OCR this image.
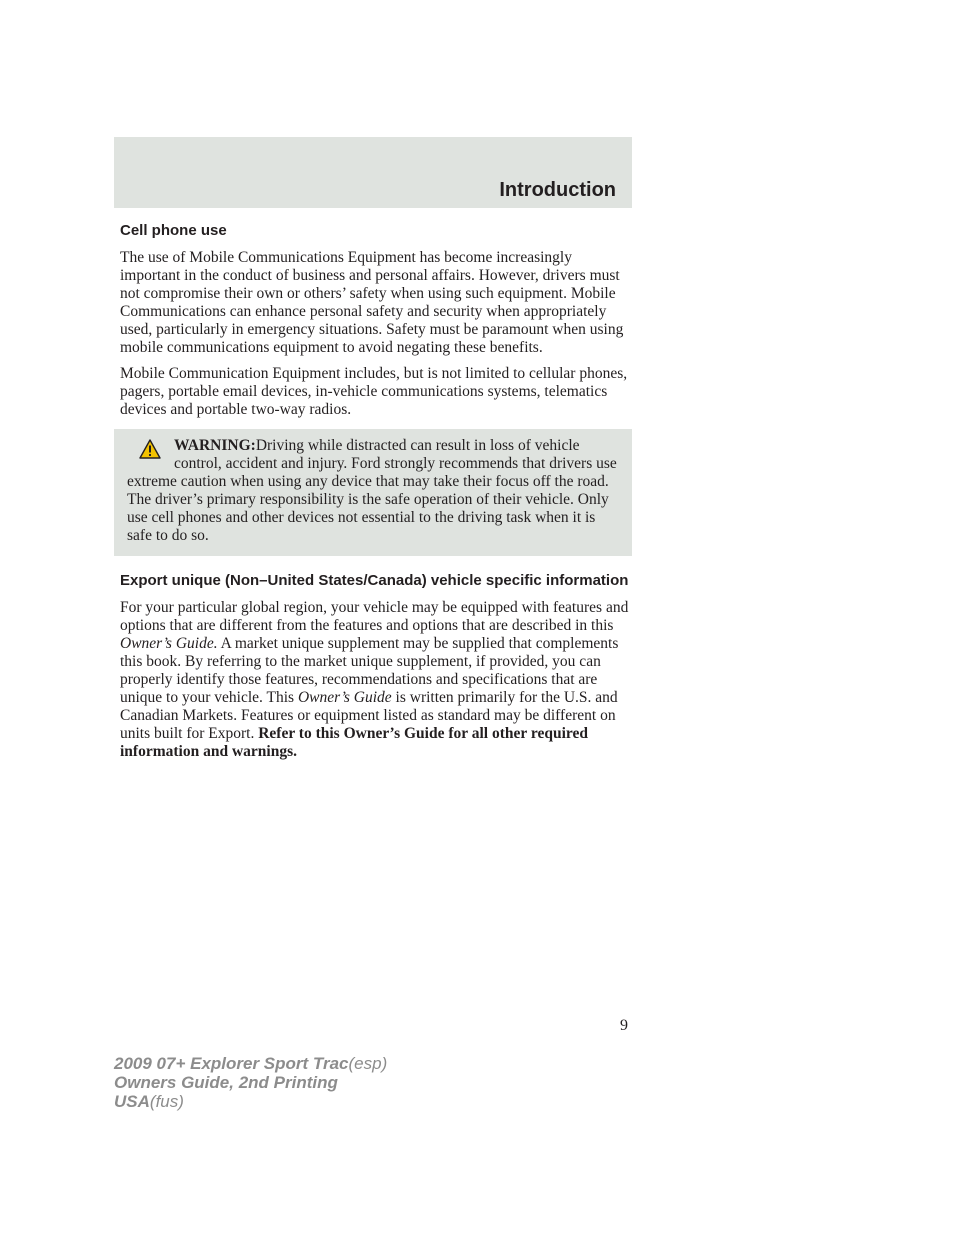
Introduction
Cell phone use

The use of Mobile Communications Equipment has become increasingly important in the conduct of business and personal affairs. However, drivers must not compromise their own or others’ safety when using such equipment. Mobile Communications can enhance personal safety and security when appropriately used, particularly in emergency situations. Safety must be paramount when using mobile communications equipment to avoid negating these benefits.

Mobile Communication Equipment includes, but is not limited to cellular phones, pagers, portable email devices, in-vehicle communications systems, telematics devices and portable two-way radios.

WARNING:Driving while distracted can result in loss of vehicle control, accident and injury. Ford strongly recommends that drivers use extreme caution when using any device that may take their focus off the road. The driver’s primary responsibility is the safe operation of their vehicle. Only use cell phones and other devices not essential to the driving task when it is safe to do so.

Export unique (Non–United States/Canada) vehicle specific information

For your particular global region, your vehicle may be equipped with features and options that are different from the features and options that are described in this Owner’s Guide. A market unique supplement may be supplied that complements this book. By referring to the market unique supplement, if provided, you can properly identify those features, recommendations and specifications that are unique to your vehicle. This Owner’s Guide is written primarily for the U.S. and Canadian Markets. Features or equipment listed as standard may be different on units built for Export. Refer to this Owner’s Guide for all other required information and warnings.

9
2009 07+ Explorer Sport Trac(esp)
Owners Guide, 2nd Printing
USA(fus)
